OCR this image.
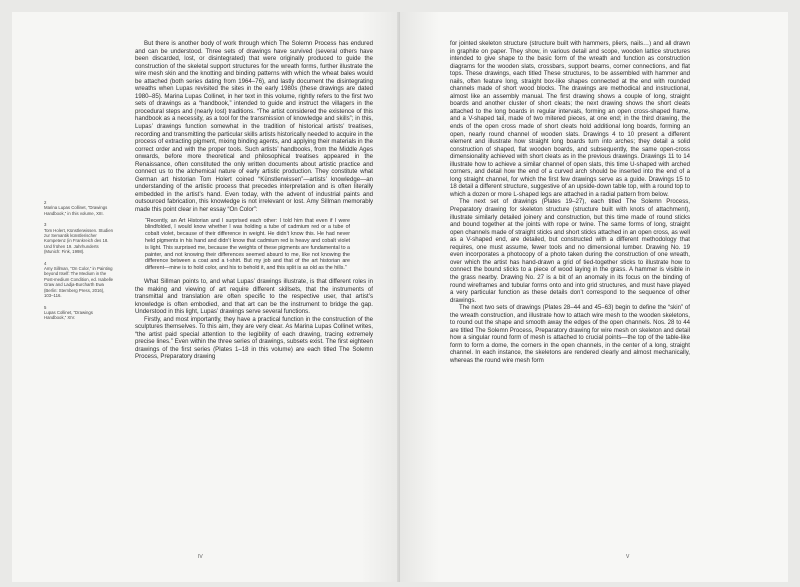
2
Marina Lupas Collinet, “Drawings Handbook,” in this volume, XIII.
3
Tom Holert, Künstlerwissen. Studien zur Semantik künstlerischer Kompetenz (in Frankreich des 18. Und frühen 19. Jahrhunderts (Munich: Fink, 1998).
4
Amy Sillman, “On Color,” in Painting beyond Itself: The Medium in the Post-medium Condition, ed. Isabelle Graw and Ladja-Burcharth Ewa (Berlin: Sternberg Press, 2016), 103–116.
5
Lupas Collinet, “Drawings Handbook,” XIV.

But there is another body of work through which The Solemn Process has endured and can be understood. Three sets of drawings have survived (several others have been discarded, lost, or disintegrated) that were originally produced to guide the construction of the skeletal support structures for the wreath forms, further illustrate the wire mesh skin and the knotting and binding patterns with which the wheat bales would be attached (both series dating from 1964–76), and lastly document the disintegrating wreaths when Lupas revisited the sites in the early 1980s (these drawings are dated 1980–85). Marina Lupas Collinet, in her text in this volume, rightly refers to the first two sets of drawings as a “handbook,” intended to guide and instruct the villagers in the procedural steps and (nearly lost) traditions. “The artist considered the existence of this handbook as a necessity, as a tool for the transmission of knowledge and skills”; in this, Lupas’ drawings function somewhat in the tradition of historical artists’ treatises, recording and transmitting the particular skills artists historically needed to acquire in the process of extracting pigment, mixing binding agents, and applying their materials in the correct order and with the proper tools. Such artists’ handbooks, from the Middle Ages onwards, before more theoretical and philosophical treatises appeared in the Renaissance, often constituted the only written documents about artistic practice and connect us to the alchemical nature of early artistic production. They constitute what German art historian Tom Holert coined “Künstlerwissen”—artists’ knowledge—an understanding of the artistic process that precedes interpretation and is often literally embedded in the artist’s hand. Even today, with the advent of industrial paints and outsourced fabrication, this knowledge is not irrelevant or lost. Amy Sillman memorably made this point clear in her essay “On Color”:

“Recently, an Art Historian and I surprised each other: I told him that even if I were blindfolded, I would know whether I was holding a tube of cadmium red or a tube of cobalt violet, because of their difference in weight. He didn’t know this. He had never held pigments in his hand and didn’t know that cadmium red is heavy and cobalt violet is light. This surprised me, because the weights of these pigments are fundamental to a painter, and not knowing their differences seemed absurd to me, like not knowing the difference between a coat and a t-shirt. But my job and that of the art historian are different—mine is to hold color, and his to behold it, and this split is as old as the hills.”

What Sillman points to, and what Lupas’ drawings illustrate, is that different roles in the making and viewing of art require different skillsets, that the instruments of transmittal and translation are often specific to the respective user, that artist’s knowledge is often embodied, and that art can be the instrument to bridge the gap. Understood in this light, Lupas’ drawings serve several functions.

Firstly, and most importantly, they have a practical function in the construction of the sculptures themselves. To this aim, they are very clear. As Marina Lupas Collinet writes, “the artist paid special attention to the legibility of each drawing, tracing extremely precise lines.” Even within the three series of drawings, subsets exist. The first eighteen drawings of the first series (Plates 1–18 in this volume) are each titled The Solemn Process, Preparatory drawing

IV

for jointed skeleton structure (structure built with hammers, pliers, nails…) and all drawn in graphite on paper. They show, in various detail and scope, wooden lattice structures intended to give shape to the basic form of the wreath and function as construction diagrams for the wooden slats, crossbars, support beams, corner connections, and flat tops. These drawings, each titled These structures, to be assembled with hammer and nails, often feature long, straight box-like shapes connected at the end with rounded channels made of short wood blocks. The drawings are methodical and instructional, almost like an assembly manual. The first drawing shows a couple of long, straight boards and another cluster of short cleats; the next drawing shows the short cleats attached to the long boards in regular intervals, forming an open cross-shaped frame, and a V-shaped tail, made of two mitered pieces, at one end; in the third drawing, the ends of the open cross made of short cleats hold additional long boards, forming an open, nearly round channel of wooden slats. Drawings 4 to 10 present a different element and illustrate how straight long boards turn into arches; they detail a solid construction of shaped, flat wooden boards, and subsequently, the same open-cross dimensionality achieved with short cleats as in the previous drawings. Drawings 11 to 14 illustrate how to achieve a similar channel of open slats, this time U-shaped with arched corners, and detail how the end of a curved arch should be inserted into the end of a long straight channel, for which the first few drawings serve as a guide. Drawings 15 to 18 detail a different structure, suggestive of an upside-down table top, with a round top to which a dozen or more L-shaped legs are attached in a radial pattern from below.

The next set of drawings (Plates 19–27), each titled The Solemn Process, Preparatory drawing for skeleton structure (structure built with knots of attachment), illustrate similarly detailed joinery and construction, but this time made of round sticks and bound together at the joints with rope or twine. The same forms of long, straight open channels made of straight sticks and short sticks attached in an open cross, as well as a V-shaped end, are detailed, but constructed with a different methodology that requires, one must assume, fewer tools and no dimensional lumber. Drawing No. 19 even incorporates a photocopy of a photo taken during the construction of one wreath, over which the artist has hand-drawn a grid of tied-together sticks to illustrate how to connect the bound sticks to a piece of wood laying in the grass. A hammer is visible in the grass nearby. Drawing No. 27 is a bit of an anomaly in its focus on the binding of round wireframes and tubular forms onto and into grid structures, and must have played a very particular function as these details don’t correspond to the sequence of other drawings.

The next two sets of drawings (Plates 28–44 and 45–63) begin to define the “skin” of the wreath construction, and illustrate how to attach wire mesh to the wooden skeletons, to round out the shape and smooth away the edges of the open channels. Nos. 28 to 44 are titled The Solemn Process, Preparatory drawing for wire mesh on skeleton and detail how a singular round form of mesh is attached to crucial points—the top of the table-like form to form a dome, the corners in the open channels, in the center of a long, straight channel. In each instance, the skeletons are rendered clearly and almost mechanically, whereas the round wire mesh form

V
